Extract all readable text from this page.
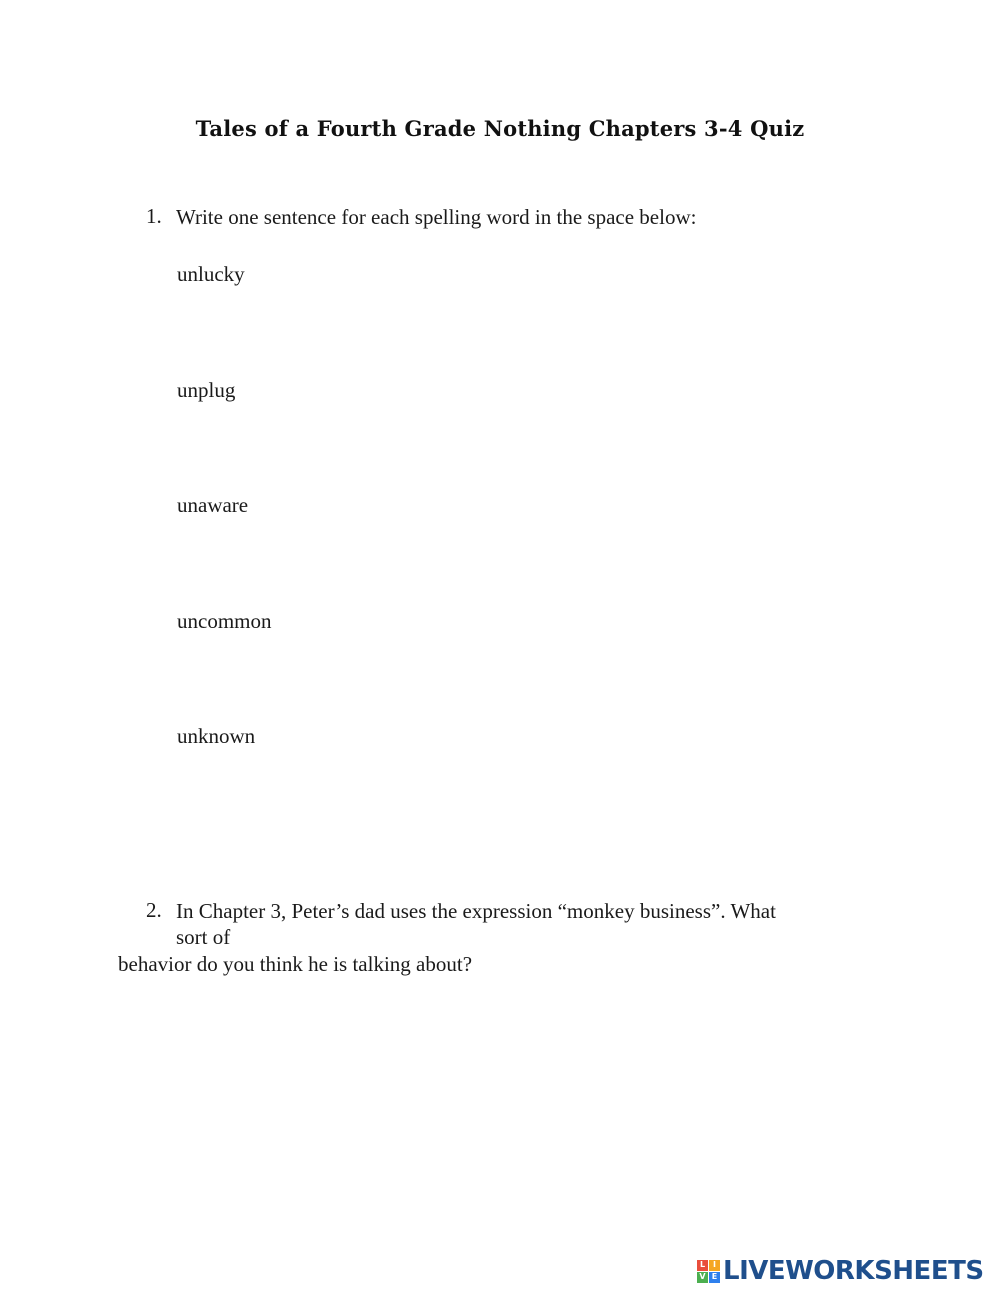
Tales of a Fourth Grade Nothing Chapters 3-4 Quiz
1. Write one sentence for each spelling word in the space below:
unlucky
unplug
unaware
uncommon
unknown
2. In Chapter 3, Peter’s dad uses the expression “monkey business”. What
sort of
behavior do you think he is talking about?
L I
V E LIVEWORKSHEETS
